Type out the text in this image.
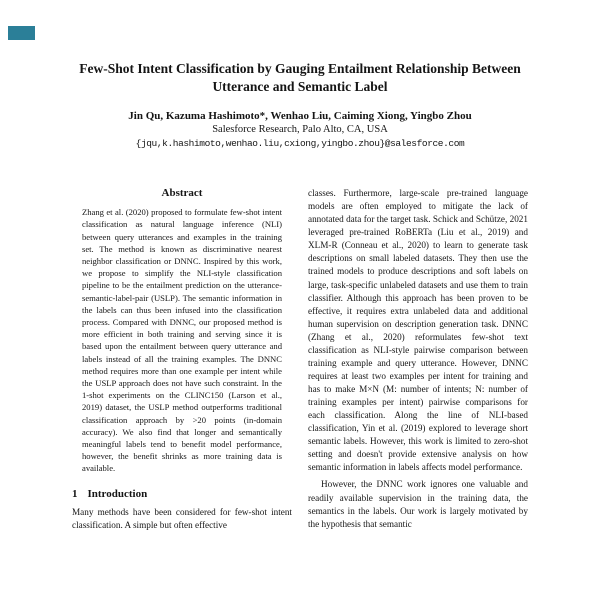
Few-Shot Intent Classification by Gauging Entailment Relationship Between Utterance and Semantic Label
Jin Qu, Kazuma Hashimoto*, Wenhao Liu, Caiming Xiong, Yingbo Zhou
Salesforce Research, Palo Alto, CA, USA
{jqu,k.hashimoto,wenhao.liu,cxiong,yingbo.zhou}@salesforce.com
Abstract
Zhang et al. (2020) proposed to formulate few-shot intent classification as natural language inference (NLI) between query utterances and examples in the training set. The method is known as discriminative nearest neighbor classification or DNNC. Inspired by this work, we propose to simplify the NLI-style classification pipeline to be the entailment prediction on the utterance-semantic-label-pair (USLP). The semantic information in the labels can thus been infused into the classification process. Compared with DNNC, our proposed method is more efficient in both training and serving since it is based upon the entailment between query utterance and labels instead of all the training examples. The DNNC method requires more than one example per intent while the USLP approach does not have such constraint. In the 1-shot experiments on the CLINC150 (Larson et al., 2019) dataset, the USLP method outperforms traditional classification approach by >20 points (in-domain accuracy). We also find that longer and semantically meaningful labels tend to benefit model performance, however, the benefit shrinks as more training data is available.
1 Introduction
Many methods have been considered for few-shot intent classification. A simple but often effective
classes. Furthermore, large-scale pre-trained language models are often employed to mitigate the lack of annotated data for the target task. Schick and Schütze, 2021 leveraged pre-trained RoBERTa (Liu et al., 2019) and XLM-R (Conneau et al., 2020) to learn to generate task descriptions on small labeled datasets. They then use the trained models to produce descriptions and soft labels on large, task-specific unlabeled datasets and use them to train classifier. Although this approach has been proven to be effective, it requires extra unlabeled data and additional human supervision on description generation task. DNNC (Zhang et al., 2020) reformulates few-shot text classification as NLI-style pairwise comparison between training example and query utterance. However, DNNC requires at least two examples per intent for training and has to make M×N (M: number of intents; N: number of training examples per intent) pairwise comparisons for each classification. Along the line of NLI-based classification, Yin et al. (2019) explored to leverage short semantic labels. However, this work is limited to zero-shot setting and doesn't provide extensive analysis on how semantic information in labels affects model performance.
However, the DNNC work ignores one valuable and readily available supervision in the training data, the semantics in the labels. Our work is largely motivated by the hypothesis that semantic
